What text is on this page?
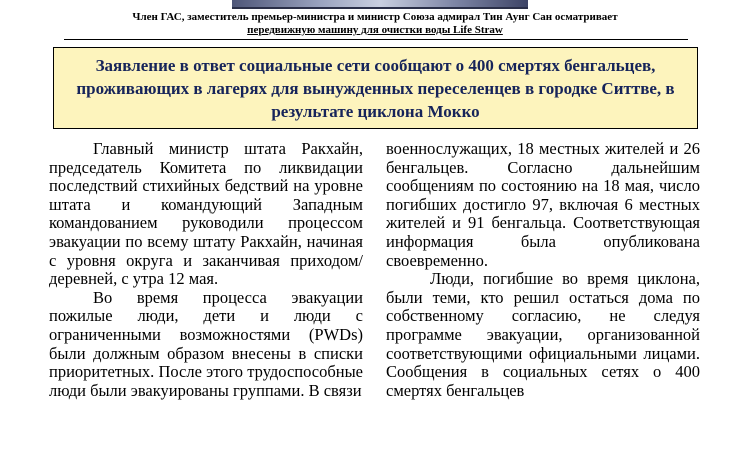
Член ГАС, заместитель премьер-министра и министр Союза адмирал Тин Аунг Сан осматривает
передвижную машину для очистки воды Life Straw
Заявление в ответ социальные сети сообщают о 400 смертях бенгальцев, проживающих в лагерях для вынужденных переселенцев в городке Ситтве, в результате циклона Мокко

Главный министр штата Ракхайн, председатель Комитета по ликвидации последствий стихийных бедствий на уровне штата и командующий Западным командованием руководили процессом эвакуации по всему штату Ракхайн, начиная с уровня округа и заканчивая приходом/деревней, с утра 12 мая.

Во время процесса эвакуации пожилые люди, дети и люди с ограниченными возможностями (PWDs) были должным образом внесены в списки приоритетных. После этого трудоспособные люди были эвакуированы группами. В связи

военнослужащих, 18 местных жителей и 26 бенгальцев. Согласно дальнейшим сообщениям по состоянию на 18 мая, число погибших достигло 97, включая 6 местных жителей и 91 бенгальца. Соответствующая информация была опубликована своевременно.

Люди, погибшие во время циклона, были теми, кто решил остаться дома по собственному согласию, не следуя программе эвакуации, организованной соответствующими официальными лицами. Сообщения в социальных сетях о 400 смертях бенгальцев
